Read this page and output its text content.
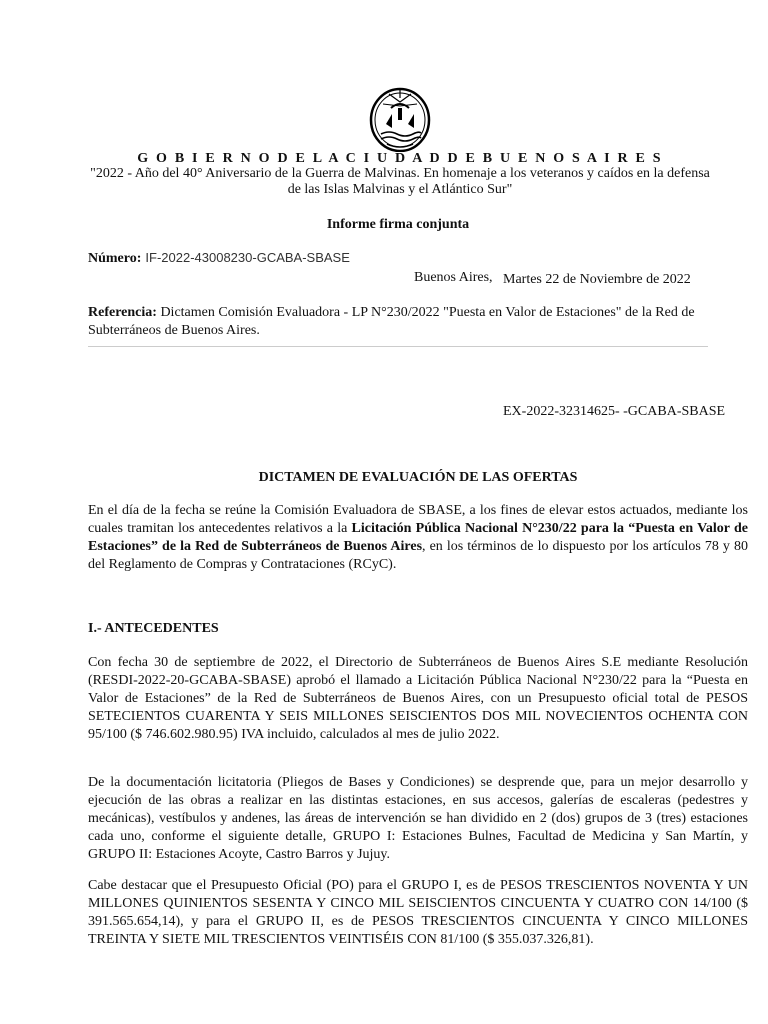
G O B I E R N O D E L A C I U D A D D E B U E N O S A I R E S
"2022 - Año del 40° Aniversario de la Guerra de Malvinas. En homenaje a los veteranos y caídos en la defensa de las Islas Malvinas y el Atlántico Sur"
Informe firma conjunta
Número: IF-2022-43008230-GCABA-SBASE
Buenos Aires, Martes 22 de Noviembre de 2022
Referencia: Dictamen Comisión Evaluadora - LP N°230/2022 "Puesta en Valor de Estaciones" de la Red de Subterráneos de Buenos Aires.
EX-2022-32314625- -GCABA-SBASE
DICTAMEN DE EVALUACIÓN DE LAS OFERTAS
En el día de la fecha se reúne la Comisión Evaluadora de SBASE, a los fines de elevar estos actuados, mediante los cuales tramitan los antecedentes relativos a la Licitación Pública Nacional N°230/22 para la “Puesta en Valor de Estaciones” de la Red de Subterráneos de Buenos Aires, en los términos de lo dispuesto por los artículos 78 y 80 del Reglamento de Compras y Contrataciones (RCyC).
I.- ANTECEDENTES
Con fecha 30 de septiembre de 2022, el Directorio de Subterráneos de Buenos Aires S.E mediante Resolución (RESDI-2022-20-GCABA-SBASE) aprobó el llamado a Licitación Pública Nacional N°230/22 para la “Puesta en Valor de Estaciones” de la Red de Subterráneos de Buenos Aires, con un Presupuesto oficial total de PESOS SETECIENTOS CUARENTA Y SEIS MILLONES SEISCIENTOS DOS MIL NOVECIENTOS OCHENTA CON 95/100 ($ 746.602.980.95) IVA incluido, calculados al mes de julio 2022.
De la documentación licitatoria (Pliegos de Bases y Condiciones) se desprende que, para un mejor desarrollo y ejecución de las obras a realizar en las distintas estaciones, en sus accesos, galerías de escaleras (pedestres y mecánicas), vestíbulos y andenes, las áreas de intervención se han dividido en 2 (dos) grupos de 3 (tres) estaciones cada uno, conforme el siguiente detalle, GRUPO I: Estaciones Bulnes, Facultad de Medicina y San Martín, y GRUPO II: Estaciones Acoyte, Castro Barros y Jujuy.
Cabe destacar que el Presupuesto Oficial (PO) para el GRUPO I, es de PESOS TRESCIENTOS NOVENTA Y UN MILLONES QUINIENTOS SESENTA Y CINCO MIL SEISCIENTOS CINCUENTA Y CUATRO CON 14/100 ($ 391.565.654,14), y para el GRUPO II, es de PESOS TRESCIENTOS CINCUENTA Y CINCO MILLONES TREINTA Y SIETE MIL TRESCIENTOS VEINTISÉIS CON 81/100 ($ 355.037.326,81).
